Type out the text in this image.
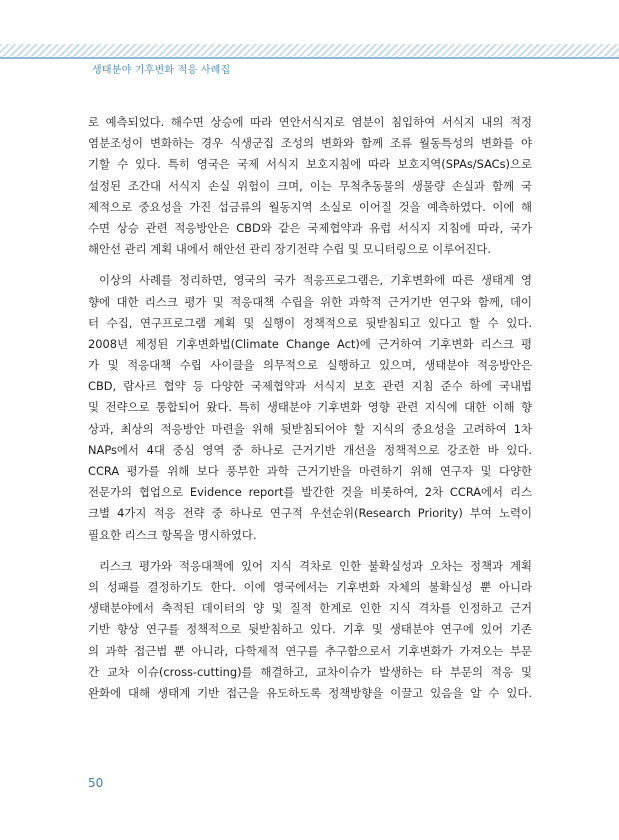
생태분야 기후변화 적응 사례집
로 예측되었다. 해수면 상승에 따라 연안서식지로 염분이 침입하여 서식지 내의 적정
염분조성이 변화하는 경우 식생군집 조성의 변화와 함께 조류 월동특성의 변화를 야
기할 수 있다. 특히 영국은 국제 서식지 보호지침에 따라 보호지역(SPAs/SACs)으로
설정된 조간대 서식지 손실 위험이 크며, 이는 무척추동물의 생물량 손실과 함께 국
제적으로 중요성을 가진 섭금류의 월동지역 소실로 이어질 것을 예측하였다. 이에 해
수면 상승 관련 적응방안은 CBD와 같은 국제협약과 유럽 서식지 지침에 따라, 국가
해안선 관리 계획 내에서 해안선 관리 장기전략 수립 및 모니터링으로 이루어진다.
이상의 사례를 정리하면, 영국의 국가 적응프로그램은, 기후변화에 따른 생태계 영
향에 대한 리스크 평가 및 적응대책 수립을 위한 과학적 근거기반 연구와 함께, 데이
터 수집, 연구프로그램 계획 및 실행이 정책적으로 뒷받침되고 있다고 할 수 있다.
2008년 제정된 기후변화법(Climate Change Act)에 근거하여 기후변화 리스크 평
가 및 적응대책 수립 사이클을 의무적으로 실행하고 있으며, 생태분야 적응방안은
CBD, 람사르 협약 등 다양한 국제협약과 서식지 보호 관련 지침 준수 하에 국내법
및 전략으로 통합되어 왔다. 특히 생태분야 기후변화 영향 관련 지식에 대한 이해 향
상과, 최상의 적응방안 마련을 위해 뒷받침되어야 할 지식의 중요성을 고려하여 1차
NAPs에서 4대 중심 영역 중 하나로 근거기반 개선을 정책적으로 강조한 바 있다.
CCRA 평가를 위해 보다 풍부한 과학 근거기반을 마련하기 위해 연구자 및 다양한
전문가의 협업으로 Evidence report를 발간한 것을 비롯하여, 2차 CCRA에서 리스
크별 4가지 적응 전략 중 하나로 연구적 우선순위(Research Priority) 부여 노력이
필요한 리스크 항목을 명시하였다.
리스크 평가와 적응대책에 있어 지식 격차로 인한 불확실성과 오차는 정책과 계획
의 성패를 결정하기도 한다. 이에 영국에서는 기후변화 자체의 불확실성 뿐 아니라
생태분야에서 축적된 데이터의 양 및 질적 한계로 인한 지식 격차를 인정하고 근거
기반 향상 연구를 정책적으로 뒷받침하고 있다. 기후 및 생태분야 연구에 있어 기존
의 과학 접근법 뿐 아니라, 다학제적 연구를 추구함으로서 기후변화가 가져오는 부문
간 교차 이슈(cross-cutting)를 해결하고, 교차이슈가 발생하는 타 부문의 적응 및
완화에 대해 생태계 기반 접근을 유도하도록 정책방향을 이끌고 있음을 알 수 있다.
50
